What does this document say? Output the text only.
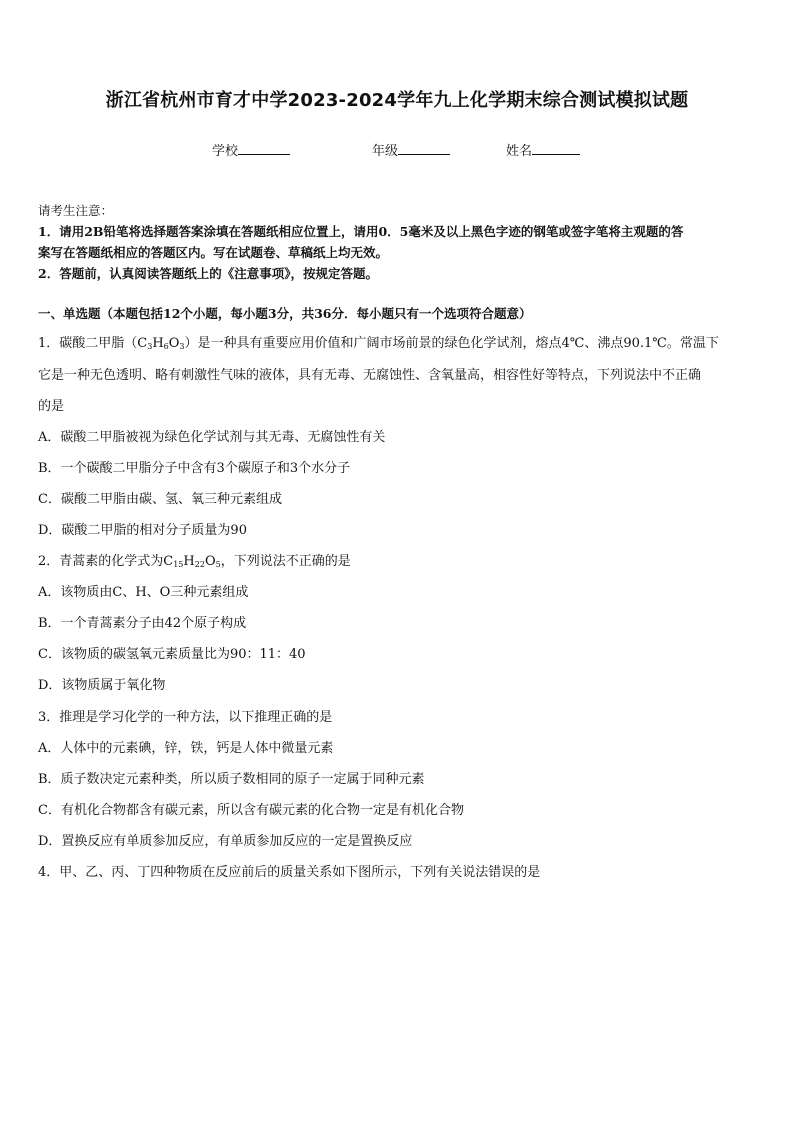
浙江省杭州市育才中学2023-2024学年九上化学期末综合测试模拟试题
学校	年级	姓名
请考生注意：
1．请用2B铅笔将选择题答案涂填在答题纸相应位置上，请用0．5毫米及以上黑色字迹的钢笔或签字笔将主观题的答
案写在答题纸相应的答题区内。写在试题卷、草稿纸上均无效。
2．答题前，认真阅读答题纸上的《注意事项》，按规定答题。
一、单选题（本题包括12个小题，每小题3分，共36分．每小题只有一个选项符合题意）
1．碳酸二甲脂$(C_3H_6O_3)$是一种具有重要应用价值和广阔市场前景的绿色化学试剂，熔点4℃、沸点90.1℃。常温下
它是一种无色透明、略有刺激性气味的液体，具有无毒、无腐蚀性、含氧量高，相容性好等特点，下列说法中不正确
的是
A．碳酸二甲脂被视为绿色化学试剂与其无毒、无腐蚀性有关
B．一个碳酸二甲脂分子中含有3个碳原子和3个水分子
C．碳酸二甲脂由碳、氢、氧三种元素组成
D．碳酸二甲脂的相对分子质量为90
2．青蒿素的化学式为$C_{15}H_{22}O_5$，下列说法不正确的是
A．该物质由C、H、O三种元素组成
B．一个青蒿素分子由42个原子构成
C．该物质的碳氢氧元素质量比为90：11：40
D．该物质属于氧化物
3．推理是学习化学的一种方法，以下推理正确的是
A．人体中的元素碘，锌，铁，钙是人体中微量元素
B．质子数决定元素种类，所以质子数相同的原子一定属于同种元素
C．有机化合物都含有碳元素，所以含有碳元素的化合物一定是有机化合物
D．置换反应有单质参加反应，有单质参加反应的一定是置换反应
4．甲、乙、丙、丁四种物质在反应前后的质量关系如下图所示，下列有关说法错误的是
